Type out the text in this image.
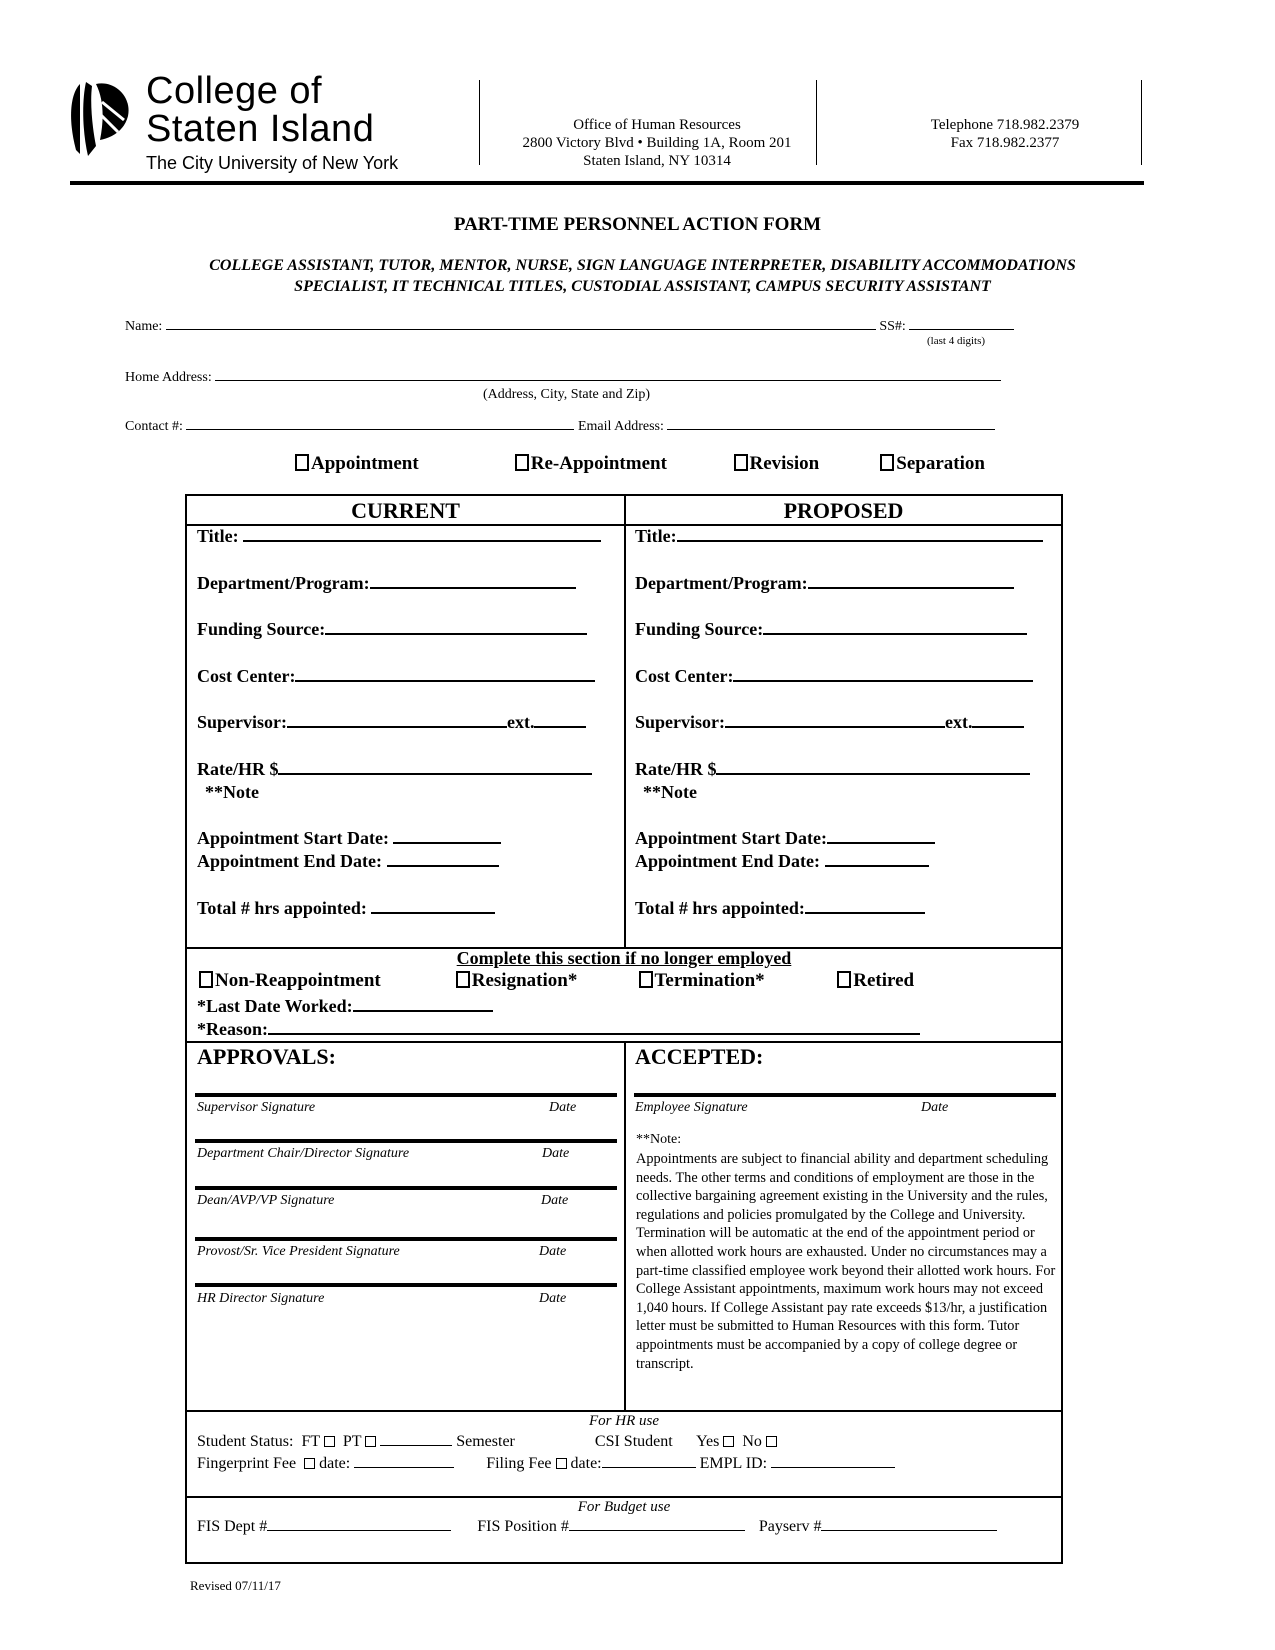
College of
Staten Island
The City University of New York
Office of Human Resources
2800 Victory Blvd • Building 1A, Room 201
Staten Island, NY 10314
Telephone 718.982.2379
Fax 718.982.2377
PART-TIME PERSONNEL ACTION FORM
COLLEGE ASSISTANT, TUTOR, MENTOR, NURSE, SIGN LANGUAGE INTERPRETER, DISABILITY ACCOMMODATIONS
SPECIALIST, IT TECHNICAL TITLES, CUSTODIAL ASSISTANT, CAMPUS SECURITY ASSISTANT
Name:	SS#:
(last 4 digits)
Home Address:
(Address, City, State and Zip)
Contact #:	Email Address:
Appointment	Re-Appointment	Revision	Separation
CURRENT	PROPOSED
Title:
Department/Program:
Funding Source:
Cost Center:
Supervisor:	ext.
Rate/HR $
**Note
Appointment Start Date:
Appointment End Date:
Total # hrs appointed:
Title:
Department/Program:
Funding Source:
Cost Center:
Supervisor:	ext.
Rate/HR $
**Note
Appointment Start Date:
Appointment End Date:
Total # hrs appointed:
Complete this section if no longer employed
Non-Reappointment	Resignation*	Termination*	Retired
*Last Date Worked:
*Reason:
APPROVALS:
Supervisor Signature	Date
Department Chair/Director Signature	Date
Dean/AVP/VP Signature	Date
Provost/Sr. Vice President Signature	Date
HR Director Signature	Date
ACCEPTED:
Employee Signature	Date
**Note:
Appointments are subject to financial ability and department scheduling needs. The other terms and conditions of employment are those in the collective bargaining agreement existing in the University and the rules, regulations and policies promulgated by the College and University. Termination will be automatic at the end of the appointment period or when allotted work hours are exhausted. Under no circumstances may a part-time classified employee work beyond their allotted work hours. For College Assistant appointments, maximum work hours may not exceed 1,040 hours. If College Assistant pay rate exceeds $13/hr, a justification letter must be submitted to Human Resources with this form. Tutor appointments must be accompanied by a copy of college degree or transcript.
For HR use
Student Status: FT PT	Semester	CSI Student Yes No
Fingerprint Fee date:	Filing Fee date:	EMPL ID:
For Budget use
FIS Dept #	FIS Position #	Payserv #
Revised 07/11/17
